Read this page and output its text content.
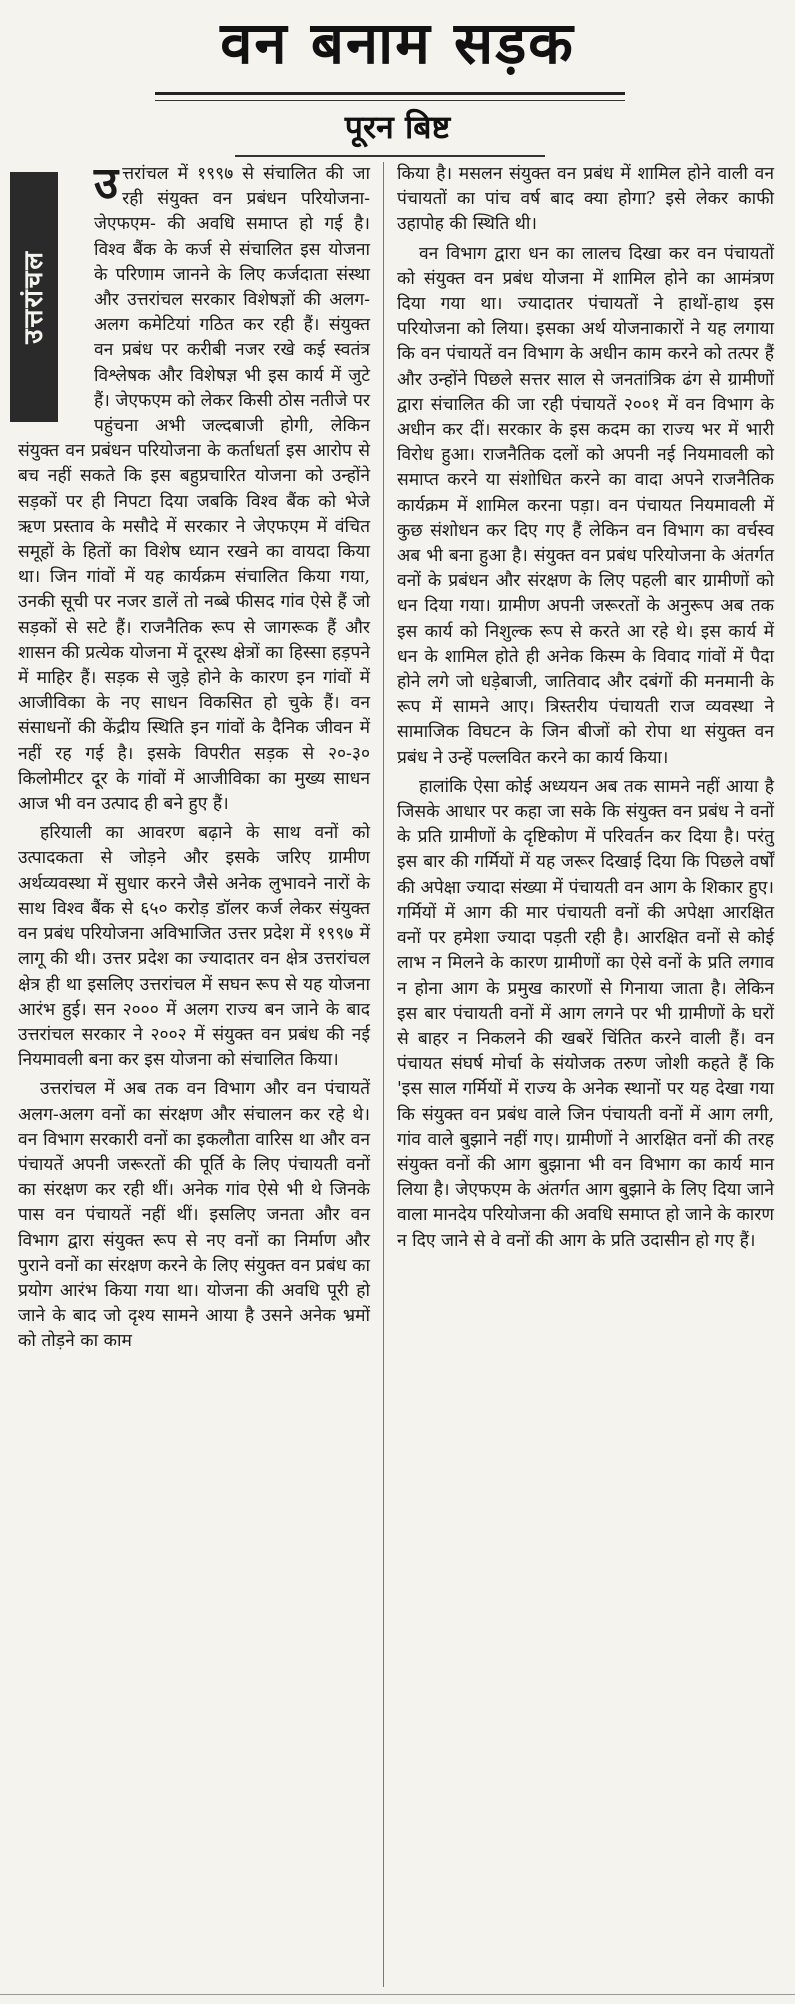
वन बनाम सड़क
पूरन बिष्ट
उत्तरांचल

उत्तरांचल में १९९७ से संचालित की जा रही संयुक्त वन प्रबंधन परियोजना- जेएफएम- की अवधि समाप्त हो गई है। विश्व बैंक के कर्ज से संचालित इस योजना के परिणाम जानने के लिए कर्जदाता संस्था और उत्तरांचल सरकार विशेषज्ञों की अलग-अलग कमेटियां गठित कर रही हैं। संयुक्त वन प्रबंध पर करीबी नजर रखे कई स्वतंत्र विश्लेषक और विशेषज्ञ भी इस कार्य में जुटे हैं। जेएफएम को लेकर किसी ठोस नतीजे पर पहुंचना अभी जल्दबाजी होगी, लेकिन संयुक्त वन प्रबंधन परियोजना के कर्ताधर्ता इस आरोप से बच नहीं सकते कि इस बहुप्रचारित योजना को उन्होंने सड़कों पर ही निपटा दिया जबकि विश्व बैंक को भेजे ऋण प्रस्ताव के मसौदे में सरकार ने जेएफएम में वंचित समूहों के हितों का विशेष ध्यान रखने का वायदा किया था। जिन गांवों में यह कार्यक्रम संचालित किया गया, उनकी सूची पर नजर डालें तो नब्बे फीसद गांव ऐसे हैं जो सड़कों से सटे हैं। राजनैतिक रूप से जागरूक हैं और शासन की प्रत्येक योजना में दूरस्थ क्षेत्रों का हिस्सा हड़पने में माहिर हैं। सड़क से जुड़े होने के कारण इन गांवों में आजीविका के नए साधन विकसित हो चुके हैं। वन संसाधनों की केंद्रीय स्थिति इन गांवों के दैनिक जीवन में नहीं रह गई है। इसके विपरीत सड़क से २०-३० किलोमीटर दूर के गांवों में आजीविका का मुख्य साधन आज भी वन उत्पाद ही बने हुए हैं।

हरियाली का आवरण बढ़ाने के साथ वनों को उत्पादकता से जोड़ने और इसके जरिए ग्रामीण अर्थव्यवस्था में सुधार करने जैसे अनेक लुभावने नारों के साथ विश्व बैंक से ६५० करोड़ डॉलर कर्ज लेकर संयुक्त वन प्रबंध परियोजना अविभाजित उत्तर प्रदेश में १९९७ में लागू की थी। उत्तर प्रदेश का ज्यादातर वन क्षेत्र उत्तरांचल क्षेत्र ही था इसलिए उत्तरांचल में सघन रूप से यह योजना आरंभ हुई। सन २००० में अलग राज्य बन जाने के बाद उत्तरांचल सरकार ने २००२ में संयुक्त वन प्रबंध की नई नियमावली बना कर इस योजना को संचालित किया।

उत्तरांचल में अब तक वन विभाग और वन पंचायतें अलग-अलग वनों का संरक्षण और संचालन कर रहे थे। वन विभाग सरकारी वनों का इकलौता वारिस था और वन पंचायतें अपनी जरूरतों की पूर्ति के लिए पंचायती वनों का संरक्षण कर रही थीं। अनेक गांव ऐसे भी थे जिनके पास वन पंचायतें नहीं थीं। इसलिए जनता और वन विभाग द्वारा संयुक्त रूप से नए वनों का निर्माण और पुराने वनों का संरक्षण करने के लिए संयुक्त वन प्रबंध का प्रयोग आरंभ किया गया था। योजना की अवधि पूरी हो जाने के बाद जो दृश्य सामने आया है उसने अनेक भ्रमों को तोड़ने का काम

किया है। मसलन संयुक्त वन प्रबंध में शामिल होने वाली वन पंचायतों का पांच वर्ष बाद क्या होगा? इसे लेकर काफी उहापोह की स्थिति थी।

वन विभाग द्वारा धन का लालच दिखा कर वन पंचायतों को संयुक्त वन प्रबंध योजना में शामिल होने का आमंत्रण दिया गया था। ज्यादातर पंचायतों ने हाथों-हाथ इस परियोजना को लिया। इसका अर्थ योजनाकारों ने यह लगाया कि वन पंचायतें वन विभाग के अधीन काम करने को तत्पर हैं और उन्होंने पिछले सत्तर साल से जनतांत्रिक ढंग से ग्रामीणों द्वारा संचालित की जा रही पंचायतें २००१ में वन विभाग के अधीन कर दीं। सरकार के इस कदम का राज्य भर में भारी विरोध हुआ। राजनैतिक दलों को अपनी नई नियमावली को समाप्त करने या संशोधित करने का वादा अपने राजनैतिक कार्यक्रम में शामिल करना पड़ा। वन पंचायत नियमावली में कुछ संशोधन कर दिए गए हैं लेकिन वन विभाग का वर्चस्व अब भी बना हुआ है। संयुक्त वन प्रबंध परियोजना के अंतर्गत वनों के प्रबंधन और संरक्षण के लिए पहली बार ग्रामीणों को धन दिया गया। ग्रामीण अपनी जरूरतों के अनुरूप अब तक इस कार्य को निशुल्क रूप से करते आ रहे थे। इस कार्य में धन के शामिल होते ही अनेक किस्म के विवाद गांवों में पैदा होने लगे जो धड़ेबाजी, जातिवाद और दबंगों की मनमानी के रूप में सामने आए। त्रिस्तरीय पंचायती राज व्यवस्था ने सामाजिक विघटन के जिन बीजों को रोपा था संयुक्त वन प्रबंध ने उन्हें पल्लवित करने का कार्य किया।

हालांकि ऐसा कोई अध्ययन अब तक सामने नहीं आया है जिसके आधार पर कहा जा सके कि संयुक्त वन प्रबंध ने वनों के प्रति ग्रामीणों के दृष्टिकोण में परिवर्तन कर दिया है। परंतु इस बार की गर्मियों में यह जरूर दिखाई दिया कि पिछले वर्षों की अपेक्षा ज्यादा संख्या में पंचायती वन आग के शिकार हुए। गर्मियों में आग की मार पंचायती वनों की अपेक्षा आरक्षित वनों पर हमेशा ज्यादा पड़ती रही है। आरक्षित वनों से कोई लाभ न मिलने के कारण ग्रामीणों का ऐसे वनों के प्रति लगाव न होना आग के प्रमुख कारणों से गिनाया जाता है। लेकिन इस बार पंचायती वनों में आग लगने पर भी ग्रामीणों के घरों से बाहर न निकलने की खबरें चिंतित करने वाली हैं। वन पंचायत संघर्ष मोर्चा के संयोजक तरुण जोशी कहते हैं कि 'इस साल गर्मियों में राज्य के अनेक स्थानों पर यह देखा गया कि संयुक्त वन प्रबंध वाले जिन पंचायती वनों में आग लगी, गांव वाले बुझाने नहीं गए। ग्रामीणों ने आरक्षित वनों की तरह संयुक्त वनों की आग बुझाना भी वन विभाग का कार्य मान लिया है। जेएफएम के अंतर्गत आग बुझाने के लिए दिया जाने वाला मानदेय परियोजना की अवधि समाप्त हो जाने के कारण न दिए जाने से वे वनों की आग के प्रति उदासीन हो गए हैं।
